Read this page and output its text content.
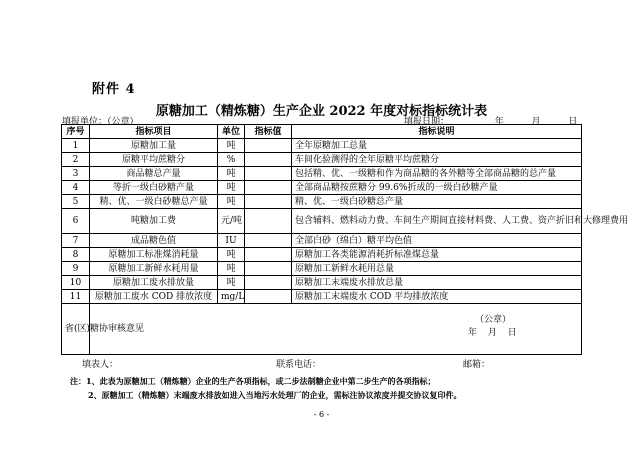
附件 4
原糖加工（精炼糖）生产企业 2022 年度对标指标统计表
填报单位：（公章）	填报日期：	年	月	日
序号	指标项目	单位	指标值	指标说明
1	原糖加工量	吨		全年原糖加工总量
2	原糖平均蔗糖分	%		车间化验测得的全年原糖平均蔗糖分
3	商品糖总产量	吨		包括精、优、一级糖和作为商品糖的各外糖等全部商品糖的总产量
4	等折一级白砂糖产量	吨		全部商品糖按蔗糖分 99.6%折成的一级白砂糖产量
5	精、优、一级白砂糖总产量	吨		精、优、一级白砂糖总产量
6	吨糖加工费	元/吨		包含辅料、燃料动力费、车间生产期间直接材料费、人工费、资产折旧和大修理费用
7	成品糖色值	IU		全部白砂（绵白）糖平均色值
8	原糖加工标准煤消耗量	吨		原糖加工各类能源消耗折标准煤总量
9	原糖加工新鲜水耗用量	吨		原糖加工新鲜水耗用总量
10	原糖加工废水排放量	吨		原糖加工末端废水排放总量
11	原糖加工废水 COD 排放浓度	mg/L		原糖加工末端废水 COD 平均排放浓度
省(区)糖协审核意见	（公章）
年 月 日			
填表人：	联系电话：	邮箱：
注：1、此表为原糖加工（精炼糖）企业的生产各项指标，或二步法制糖企业中第二步生产的各项指标；
2、原糖加工（精炼糖）末端废水排放如进入当地污水处理厂的企业，需标注协议浓度并提交协议复印件。
- 6 -
